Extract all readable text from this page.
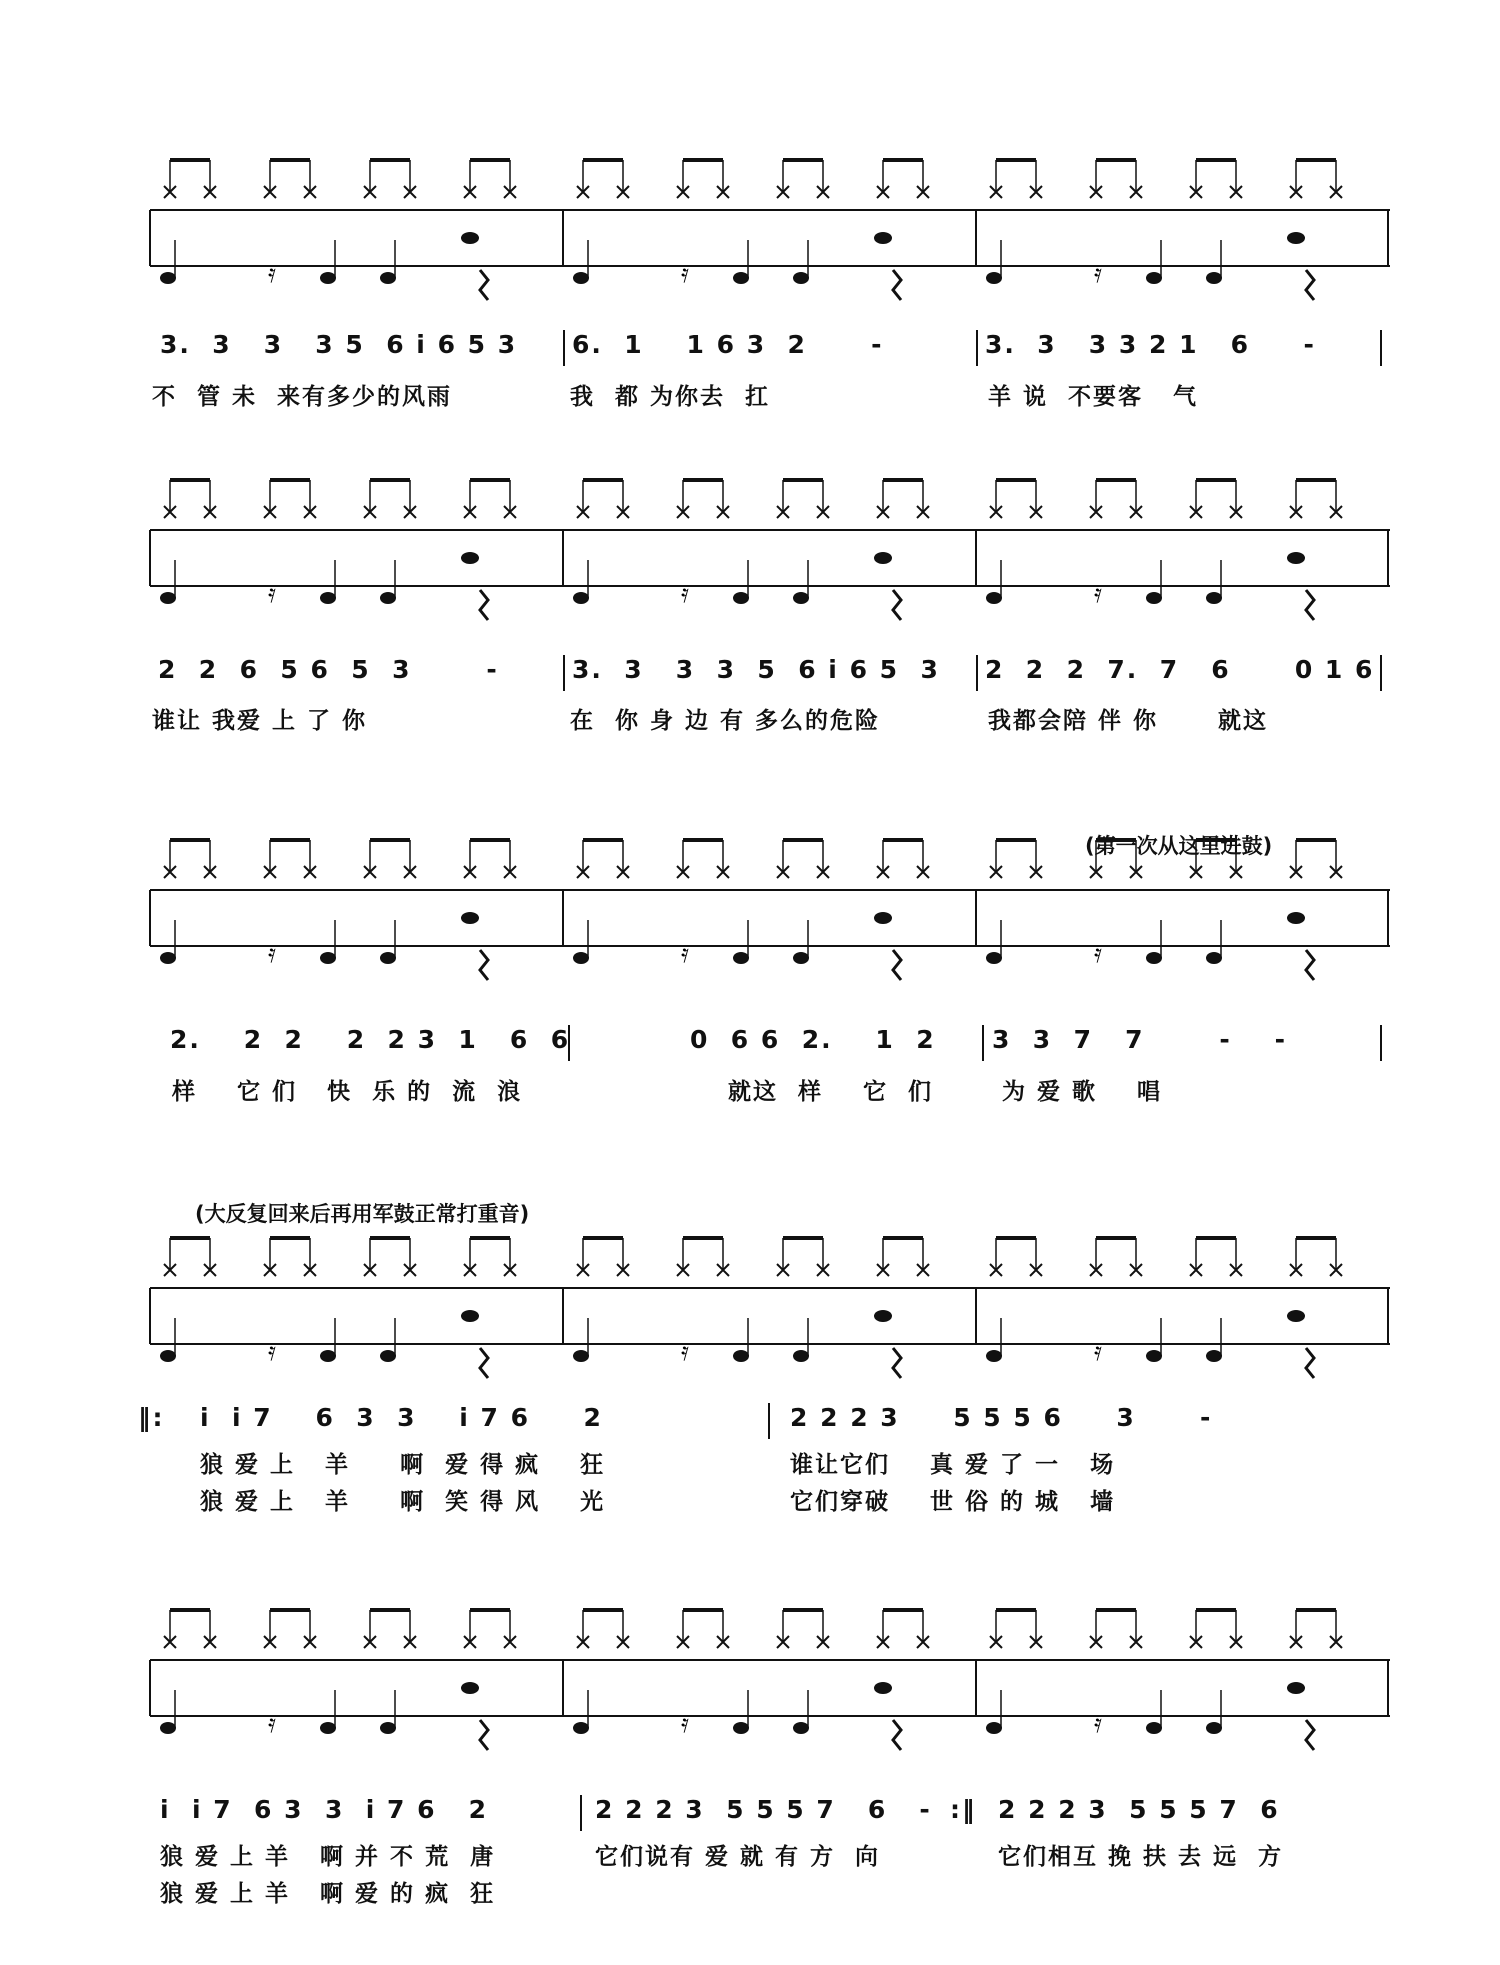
𝄿	𝄿	𝄿
3.  3   3   3 5  6 i 6 5 3 6.  1    1 6 3  2      -	3.  3   3 3 2 1   6     -
不  管 未  来有多少的风雨	我  都 为你去  扛	羊 说  不要客   气
𝄿	𝄿	𝄿
2  2  6  5 6  5  3       -	3.  3   3  3  5  6 i 6 5  3 2  2  2  7.  7   6      0 1 6
谁让 我爱 上 了 你	在  你 身 边 有 多么的危险	我都会陪 伴 你      就这
(第一次从这里进鼓)
𝄿	𝄿	𝄿
2.    2  2    2  2 3  1   6  6	0  6 6  2.    1  2 3  3  7   7       -    -
样    它 们   快  乐 的  流  浪	就这  样    它  们	为 爱 歌    唱
(大反复回来后再用军鼓正常打重音)
𝄿	𝄿	𝄿
‖: i  i 7    6  3  3    i 7 6     2	2 2 2 3     5 5 5 6     3      -
狼 爱 上   羊     啊  爱 得 疯    狂	谁让它们    真 爱 了 一   场
狼 爱 上   羊     啊  笑 得 风    光	它们穿破    世 俗 的 城   墙
𝄿	𝄿	𝄿
i  i 7  6 3  3  i 7 6   2	2 2 2 3  5 5 5 7   6   - :‖ 2 2 2 3  5 5 5 7  6
狼 爱 上 羊   啊 并 不 荒  唐	它们说有 爱 就 有 方  向	它们相互 挽 扶 去 远  方
狼 爱 上 羊   啊 爱 的 疯  狂
